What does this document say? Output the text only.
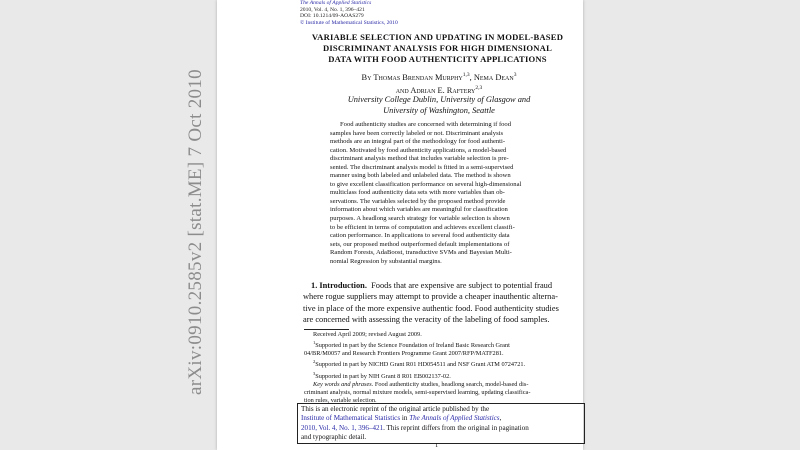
arXiv:0910.2585v2 [stat.ME] 7 Oct 2010
The Annals of Applied Statistics
2010, Vol. 4, No. 1, 396–421
DOI: 10.1214/09-AOAS279
© Institute of Mathematical Statistics, 2010
VARIABLE SELECTION AND UPDATING IN MODEL-BASED
DISCRIMINANT ANALYSIS FOR HIGH DIMENSIONAL
DATA WITH FOOD AUTHENTICITY APPLICATIONS
By Thomas Brendan Murphy$^{1,3}$, Nema Dean$^3$
and Adrian E. Raftery$^{2,3}$
University College Dublin, University of Glasgow and
University of Washington, Seattle
Food authenticity studies are concerned with determining if food
samples have been correctly labeled or not. Discriminant analysis
methods are an integral part of the methodology for food authenti-
cation. Motivated by food authenticity applications, a model-based
discriminant analysis method that includes variable selection is pre-
sented. The discriminant analysis model is fitted in a semi-supervised
manner using both labeled and unlabeled data. The method is shown
to give excellent classification performance on several high-dimensional
multiclass food authenticity data sets with more variables than ob-
servations. The variables selected by the proposed method provide
information about which variables are meaningful for classification
purposes. A headlong search strategy for variable selection is shown
to be efficient in terms of computation and achieves excellent classifi-
cation performance. In applications to several food authenticity data
sets, our proposed method outperformed default implementations of
Random Forests, AdaBoost, transductive SVMs and Bayesian Multi-
nomial Regression by substantial margins.
1. Introduction. Foods that are expensive are subject to potential fraud
where rogue suppliers may attempt to provide a cheaper inauthentic alterna-
tive in place of the more expensive authentic food. Food authenticity studies
are concerned with assessing the veracity of the labeling of food samples.

Received April 2009; revised August 2009.

$^1$Supported in part by the Science Foundation of Ireland Basic Research Grant

04/BR/M0057 and Research Frontiers Programme Grant 2007/RFP/MATF281.

$^2$Supported in part by NICHD Grant R01 HD054511 and NSF Grant ATM 0724721.

$^3$Supported in part by NIH Grant 8 R01 EB002137-02.

Key words and phrases. Food authenticity studies, headlong search, model-based dis-

criminant analysis, normal mixture models, semi-supervised learning, updating classifica-

tion rules, variable selection.

This is an electronic reprint of the original article published by the
Institute of Mathematical Statistics in The Annals of Applied Statistics,
2010, Vol. 4, No. 1, 396–421. This reprint differs from the original in pagination
and typographic detail.
1
